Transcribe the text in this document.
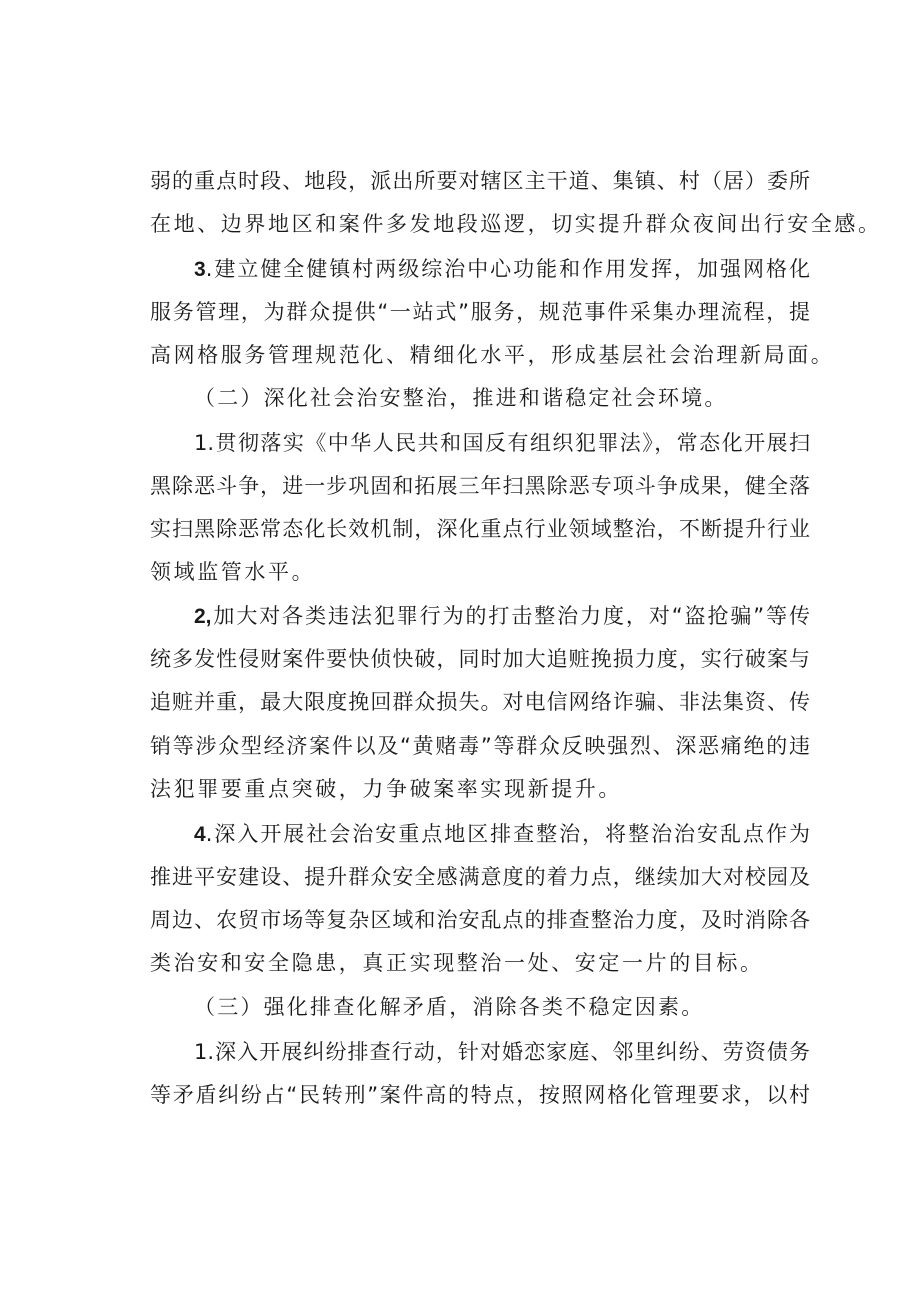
弱的重点时段、地段，派出所要对辖区主干道、集镇、村（居）委所
在地、边界地区和案件多发地段巡逻，切实提升群众夜间出行安全感。
3.建立健全健镇村两级综治中心功能和作用发挥，加强网格化
服务管理，为群众提供“一站式”服务，规范事件采集办理流程，提
高网格服务管理规范化、精细化水平，形成基层社会治理新局面。
（二）深化社会治安整治，推进和谐稳定社会环境。
1.贯彻落实《中华人民共和国反有组织犯罪法》，常态化开展扫
黑除恶斗争，进一步巩固和拓展三年扫黑除恶专项斗争成果，健全落
实扫黑除恶常态化长效机制，深化重点行业领域整治，不断提升行业
领域监管水平。
2,加大对各类违法犯罪行为的打击整治力度，对“盗抢骗”等传
统多发性侵财案件要快侦快破，同时加大追赃挽损力度，实行破案与
追赃并重，最大限度挽回群众损失。对电信网络诈骗、非法集资、传
销等涉众型经济案件以及“黄赌毒”等群众反映强烈、深恶痛绝的违
法犯罪要重点突破，力争破案率实现新提升。
4.深入开展社会治安重点地区排查整治，将整治治安乱点作为
推进平安建设、提升群众安全感满意度的着力点，继续加大对校园及
周边、农贸市场等复杂区域和治安乱点的排查整治力度，及时消除各
类治安和安全隐患，真正实现整治一处、安定一片的目标。
（三）强化排查化解矛盾，消除各类不稳定因素。
1.深入开展纠纷排查行动，针对婚恋家庭、邻里纠纷、劳资债务
等矛盾纠纷占“民转刑”案件高的特点，按照网格化管理要求，以村
